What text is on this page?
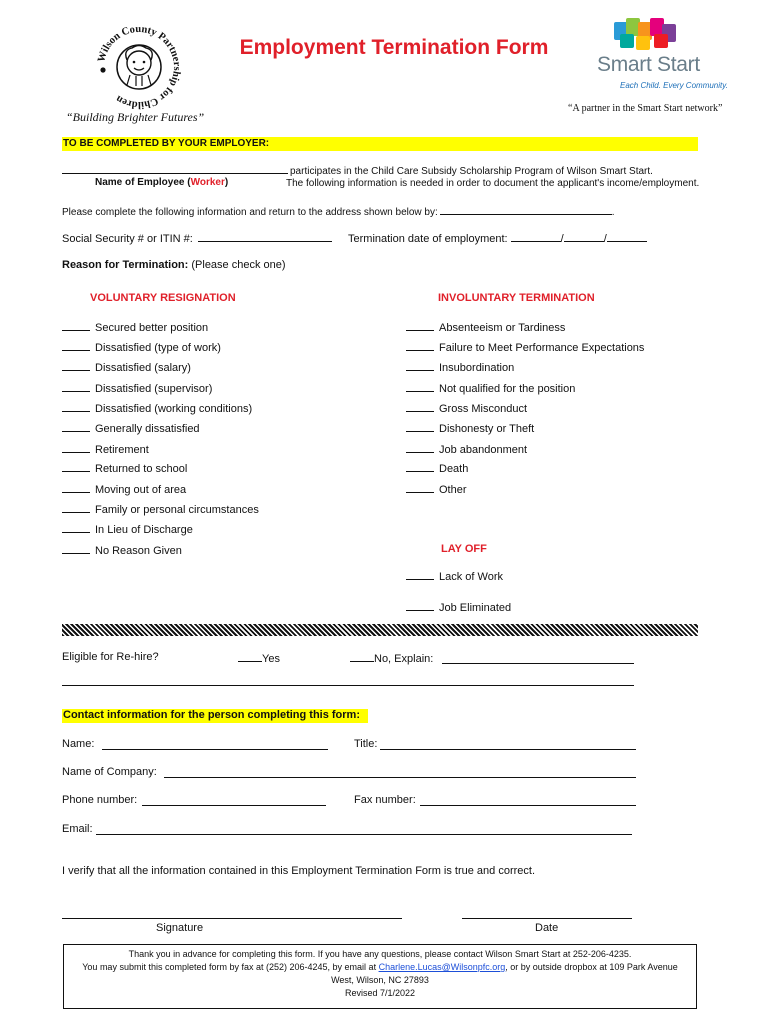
Wilson County Partnership for Children
Employment Termination Form
Smart Start
Each Child. Every Community.
“A partner in the Smart Start network”
“Building Brighter Futures”
TO BE COMPLETED BY YOUR EMPLOYER:
participates in the Child Care Subsidy Scholarship Program of Wilson Smart Start.
Name of Employee (Worker)	The following information is needed in order to document the applicant's income/employment.
Please complete the following information and return to the address shown below by:	.
Social Security # or ITIN #:	Termination date of employment:	/	/
Reason for Termination: (Please check one)
VOLUNTARY RESIGNATION	INVOLUNTARY TERMINATION
Secured better position
Dissatisfied (type of work)
Dissatisfied (salary)
Dissatisfied (supervisor)
Dissatisfied (working conditions)
Generally dissatisfied
Retirement
Returned to school
Moving out of area
Family or personal circumstances
In Lieu of Discharge
No Reason Given
Absenteeism or Tardiness
Failure to Meet Performance Expectations
Insubordination
Not qualified for the position
Gross Misconduct
Dishonesty or Theft
Job abandonment
Death
Other
LAY OFF
Lack of Work
Job Eliminated
Eligible for Re-hire?	Yes	No, Explain:
Contact information for the person completing this form:
Name:	Title:
Name of Company:
Phone number:	Fax number:
Email:
I verify that all the information contained in this Employment Termination Form is true and correct.
Signature	Date
Thank you in advance for completing this form. If you have any questions, please contact Wilson Smart Start at 252-206-4235.
You may submit this completed form by fax at (252) 206-4245, by email at Charlene.Lucas@Wilsonpfc.org, or by outside dropbox at 109 Park Avenue
West, Wilson, NC 27893
Revised 7/1/2022
